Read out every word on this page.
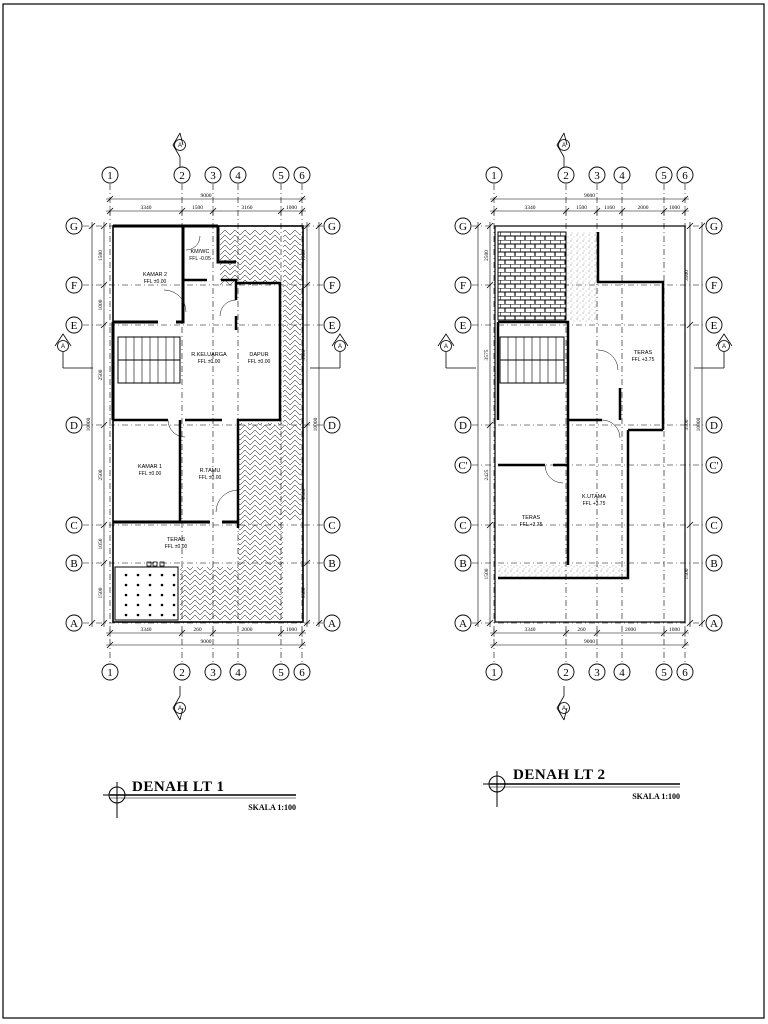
1
1
2
2
3
3
4
4
5
5
6
6
G	G
F	F
E	E
D	D
C	C
B	B
A	A
3340	1500	3160	1000
9000
3340	260	2000	1000
9000
1500
1000
2500
2500
1050
1500
10000
1500
3500
2500
1500
10000
A	A
A
A
KAMAR 2
FFL ±0.00
KM/WC
FFL -0.05
R.KELUARGA
FFL ±0.00
DAPUR
FFL ±0.00
KAMAR 1
FFL ±0.00	R.TAMU
FFL ±0.00
TERAS
FFL ±0.00
1
1
2
2
3
3
4
4
5
5
6
6
G	G
F	F
E	E
D	D
C'	C'
C	C
B	B
A	A
3340	1500	1160	2000	1000
9000
3340	260	2000	1000
9000
2500
3575
2425
1500
3500
3500
1500
10000
A	A
A
A
TERAS
FFL +3.75
K.UTAMA
FFL +3.75
TERAS
FFL +3.75
DENAH LT 1
SKALA 1:100
DENAH LT 2
SKALA 1:100
